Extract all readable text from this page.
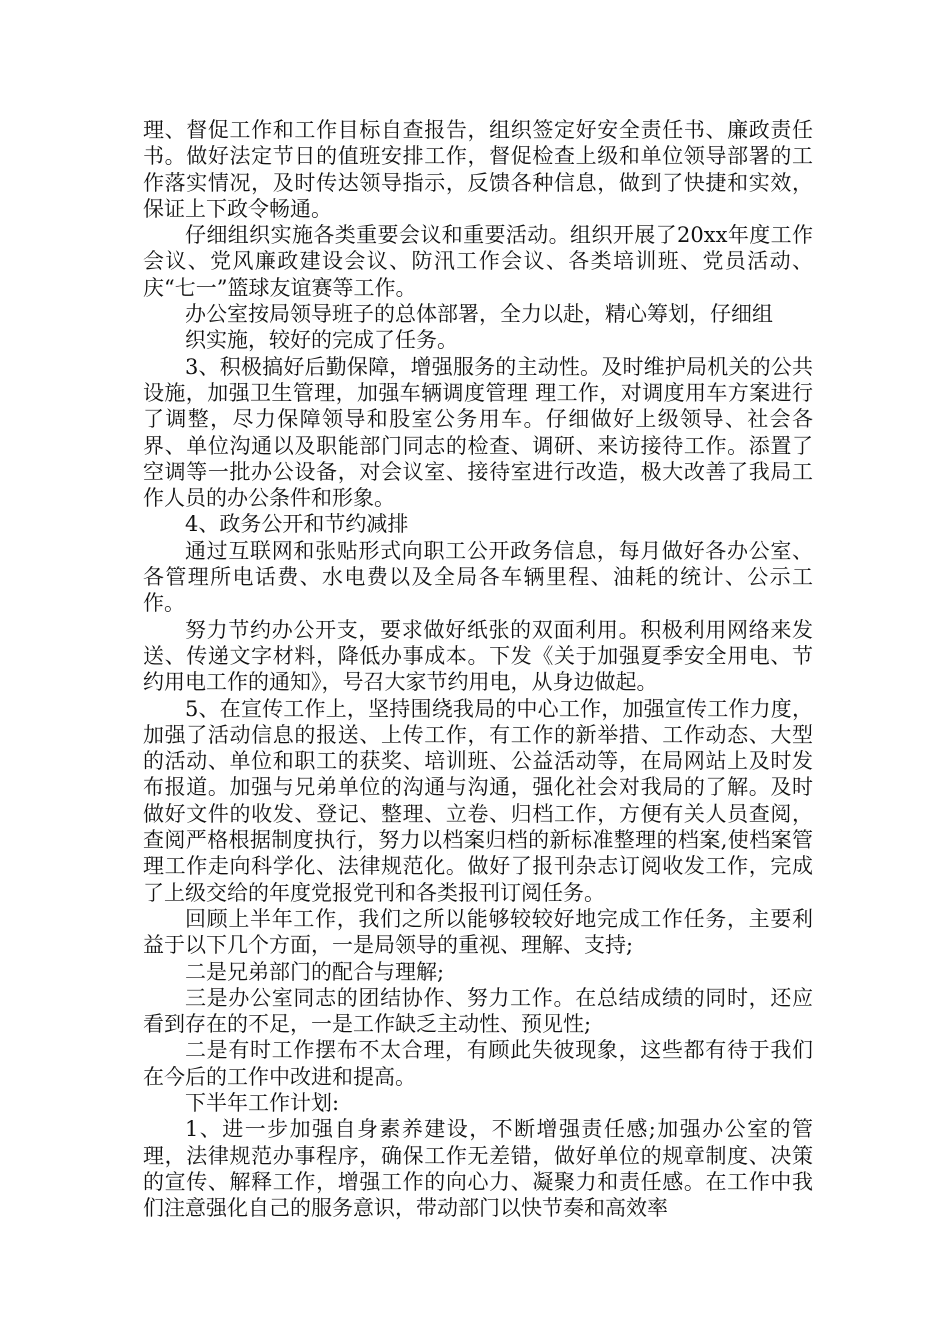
理、督促工作和工作目标自查报告，组织签定好安全责任书、廉政责任书。做好法定节日的值班安排工作，督促检查上级和单位领导部署的工作落实情况，及时传达领导指示，反馈各种信息，做到了快捷和实效，保证上下政令畅通。

仔细组织实施各类重要会议和重要活动。组织开展了20xx年度工作会议、党风廉政建设会议、防汛工作会议、各类培训班、党员活动、庆“七一”篮球友谊赛等工作。

办公室按局领导班子的总体部署，全力以赴，精心筹划，仔细组

织实施，较好的完成了任务。

3、积极搞好后勤保障，增强服务的主动性。及时维护局机关的公共设施，加强卫生管理，加强车辆调度管理 理工作，对调度用车方案进行了调整，尽力保障领导和股室公务用车。仔细做好上级领导、社会各界、单位沟通以及职能部门同志的检查、调研、来访接待工作。添置了空调等一批办公设备，对会议室、接待室进行改造，极大改善了我局工作人员的办公条件和形象。

4、政务公开和节约减排

通过互联网和张贴形式向职工公开政务信息，每月做好各办公室、各管理所电话费、水电费以及全局各车辆里程、油耗的统计、公示工作。

努力节约办公开支，要求做好纸张的双面利用。积极利用网络来发送、传递文字材料，降低办事成本。下发《关于加强夏季安全用电、节约用电工作的通知》，号召大家节约用电，从身边做起。

5、在宣传工作上，坚持围绕我局的中心工作，加强宣传工作力度，加强了活动信息的报送、上传工作，有工作的新举措、工作动态、大型的活动、单位和职工的获奖、培训班、公益活动等，在局网站上及时发布报道。加强与兄弟单位的沟通与沟通，强化社会对我局的了解。及时做好文件的收发、登记、整理、立卷、归档工作，方便有关人员查阅，查阅严格根据制度执行，努力以档案归档的新标准整理的档案,使档案管理工作走向科学化、法律规范化。做好了报刊杂志订阅收发工作，完成了上级交给的年度党报党刊和各类报刊订阅任务。

回顾上半年工作，我们之所以能够较较好地完成工作任务，主要利益于以下几个方面，一是局领导的重视、理解、支持;

二是兄弟部门的配合与理解;

三是办公室同志的团结协作、努力工作。在总结成绩的同时，还应看到存在的不足，一是工作缺乏主动性、预见性;

二是有时工作摆布不太合理，有顾此失彼现象，这些都有待于我们在今后的工作中改进和提高。

下半年工作计划:

1、进一步加强自身素养建设，不断增强责任感;加强办公室的管理，法律规范办事程序，确保工作无差错，做好单位的规章制度、决策的宣传、解释工作，增强工作的向心力、凝聚力和责任感。在工作中我们注意强化自己的服务意识，带动部门以快节奏和高效率
